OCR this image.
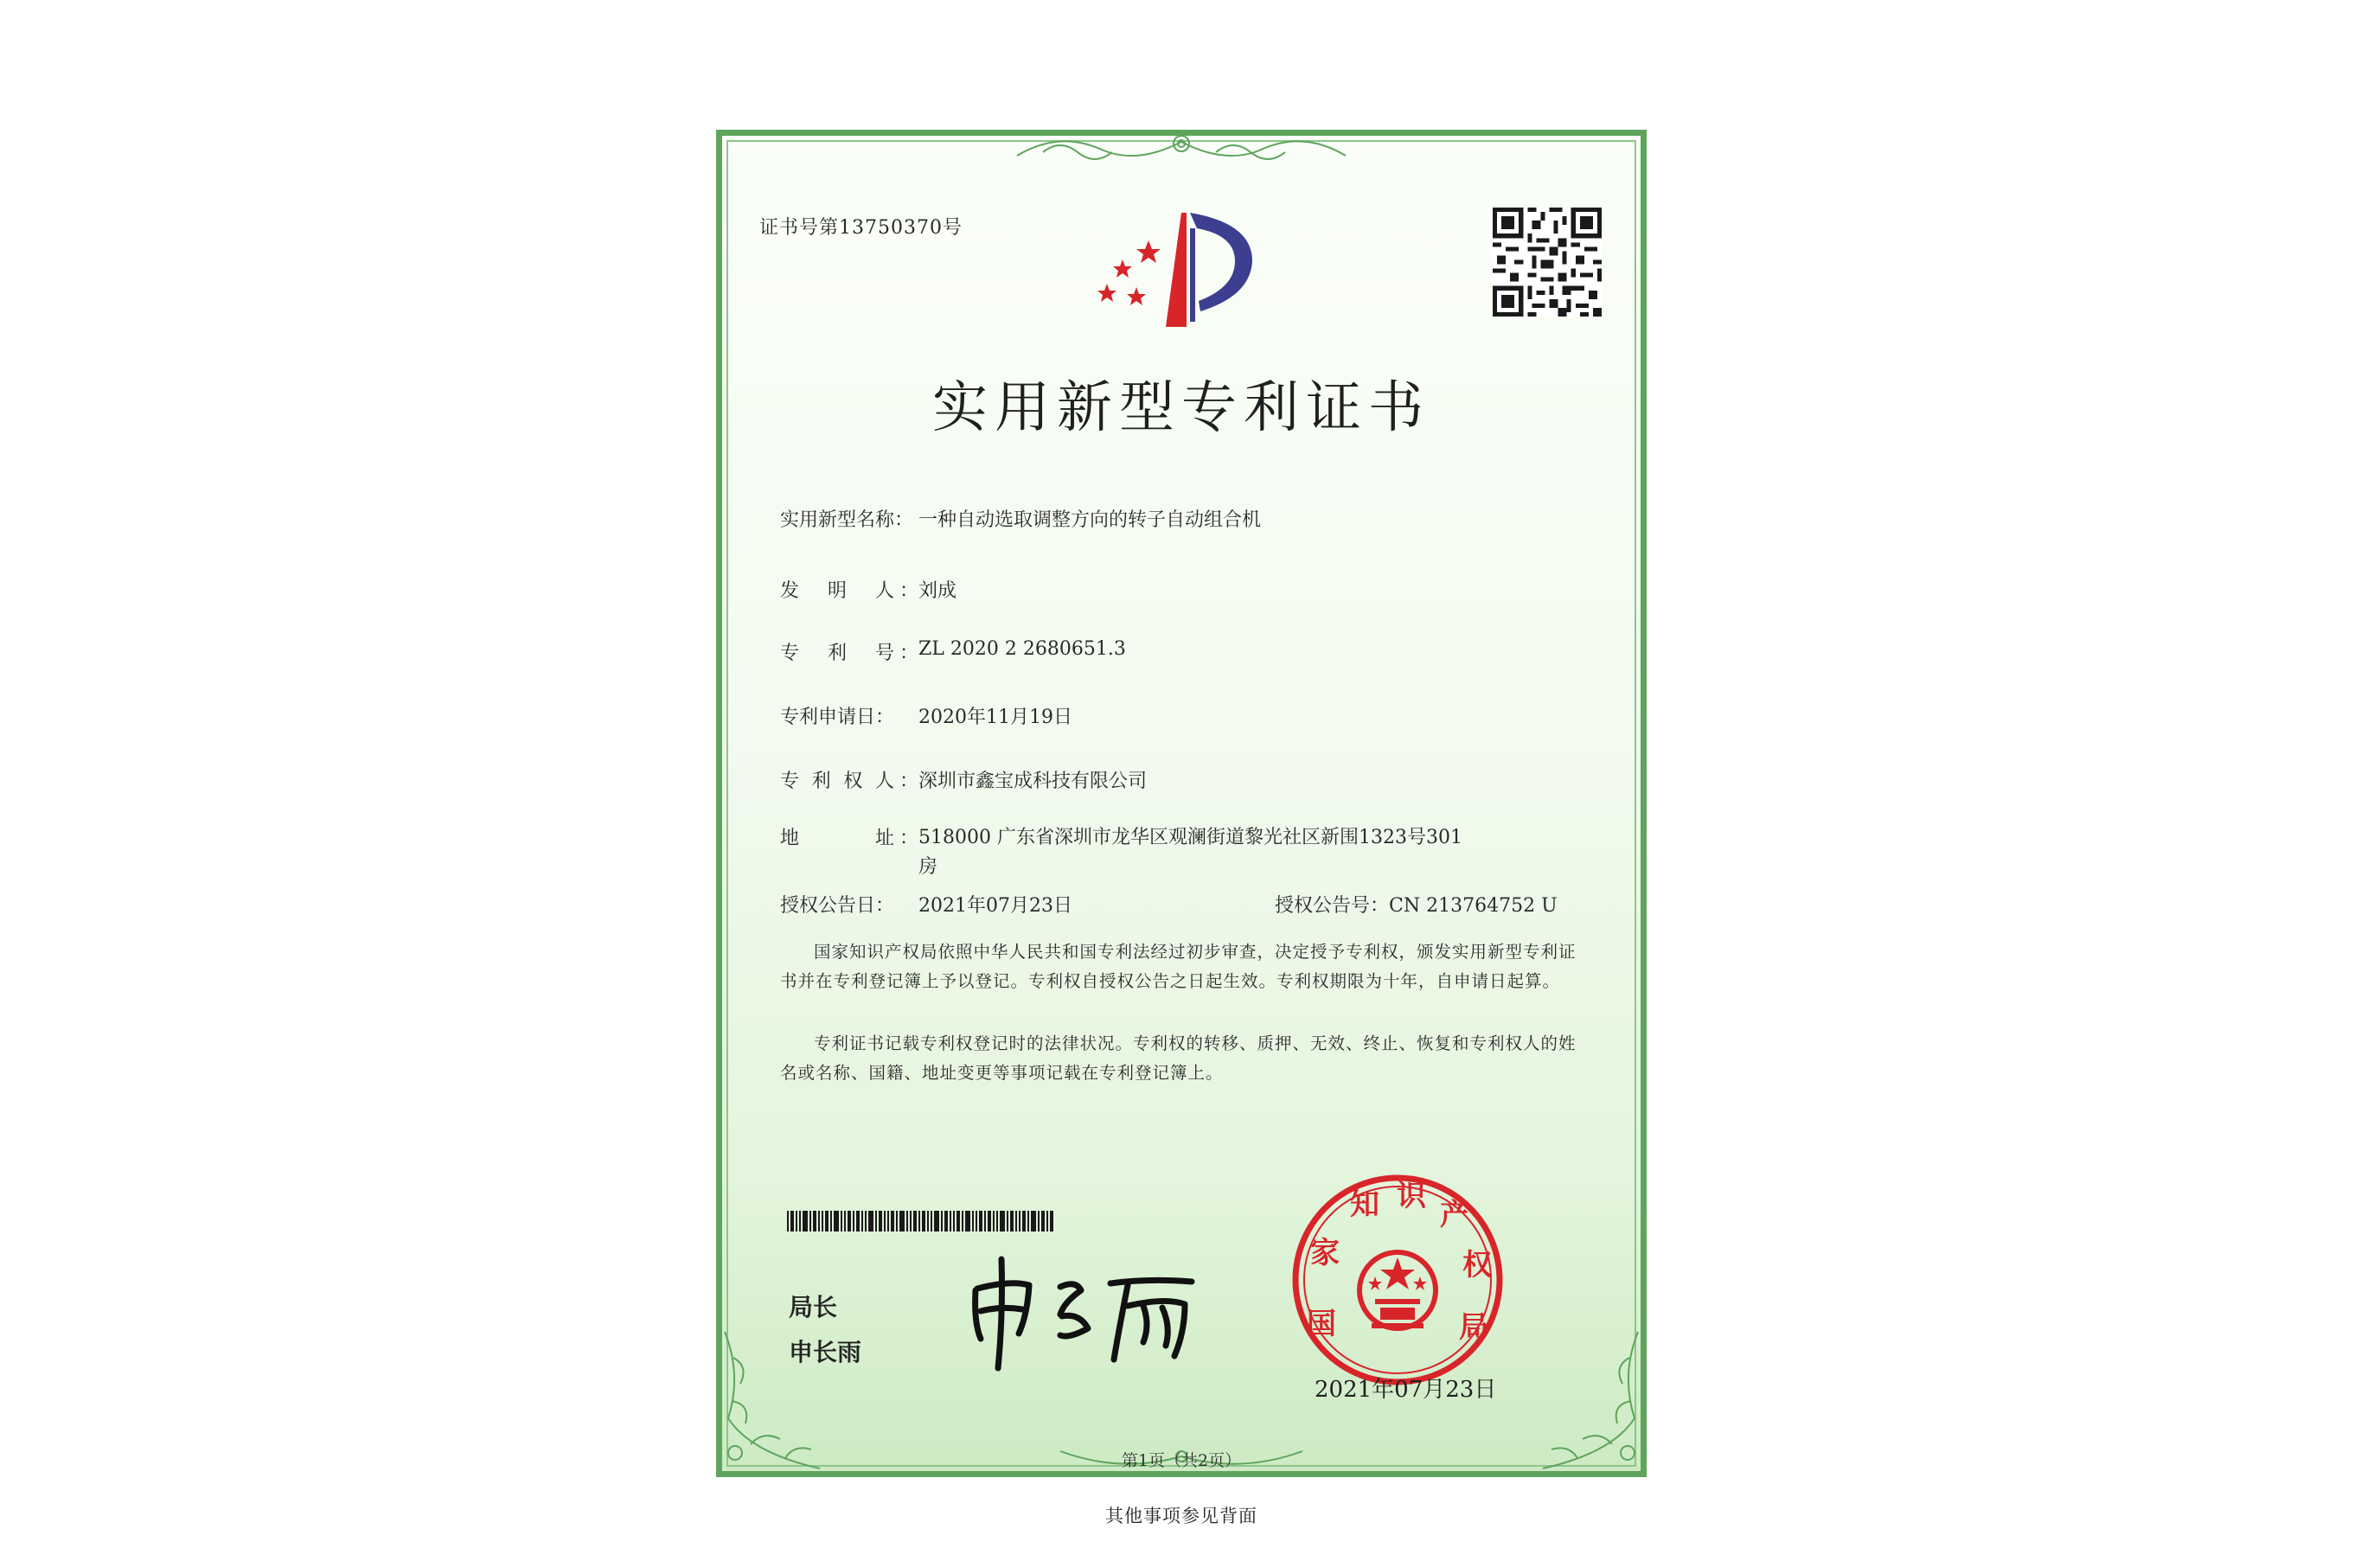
证书号第13750370号
实用新型专利证书
实用新型名称： 一种自动选取调整方向的转子自动组合机
发 明 人 ： 刘成
专 利 号 ： ZL 2020 2 2680651.3
专利申请日：	2020年11月19日
专 利 权 人 ： 深圳市鑫宝成科技有限公司
地	址 ： 518000 广东省深圳市龙华区观澜街道黎光社区新围1323号301房
授权公告日：	2021年07月23日	授权公告号：CN 213764752 U
国家知识产权局依照中华人民共和国专利法经过初步审查，决定授予专利权，颁发实用新型专利证书并在专利登记簿上予以登记。专利权自授权公告之日起生效。专利权期限为十年，自申请日起算。
专利证书记载专利权登记时的法律状况。专利权的转移、质押、无效、终止、恢复和专利权人的姓名或名称、国籍、地址变更等事项记载在专利登记簿上。
局长
申长雨
国
家
知 识
产
权
局
2021年07月23日
第1页（共2页）
其他事项参见背面
